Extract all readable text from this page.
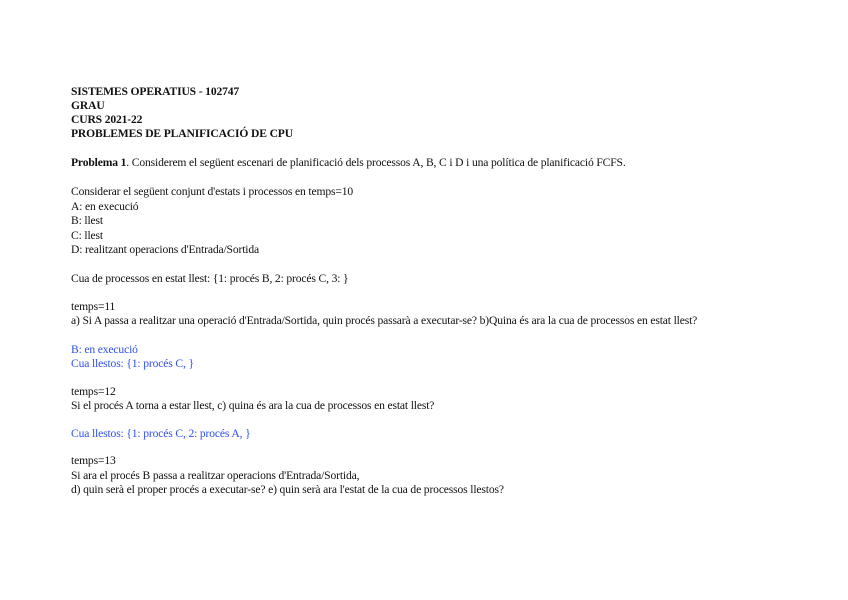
SISTEMES OPERATIUS - 102747
GRAU
CURS 2021-22
PROBLEMES DE PLANIFICACIÓ DE CPU
Problema 1. Considerem el següent escenari de planificació dels processos A, B, C i D i una política de planificació FCFS.
Considerar el següent conjunt d'estats i processos en temps=10
A: en execució
B: llest
C: llest
D: realitzant operacions d'Entrada/Sortida
Cua de processos en estat llest: {1: procés B, 2: procés C, 3: }
temps=11
a) Si A passa a realitzar una operació d'Entrada/Sortida, quin procés passarà a executar-se? b)Quina és ara la cua de processos en estat llest?
B: en execució
Cua llestos: {1: procés C, }
temps=12
Si el procés A torna a estar llest, c) quina és ara la cua de processos en estat llest?
Cua llestos: {1: procés C, 2: procés A, }
temps=13
Si ara el procés B passa a realitzar operacions d'Entrada/Sortida,
d) quin serà el proper procés a executar-se? e) quin serà ara l'estat de la cua de processos llestos?
